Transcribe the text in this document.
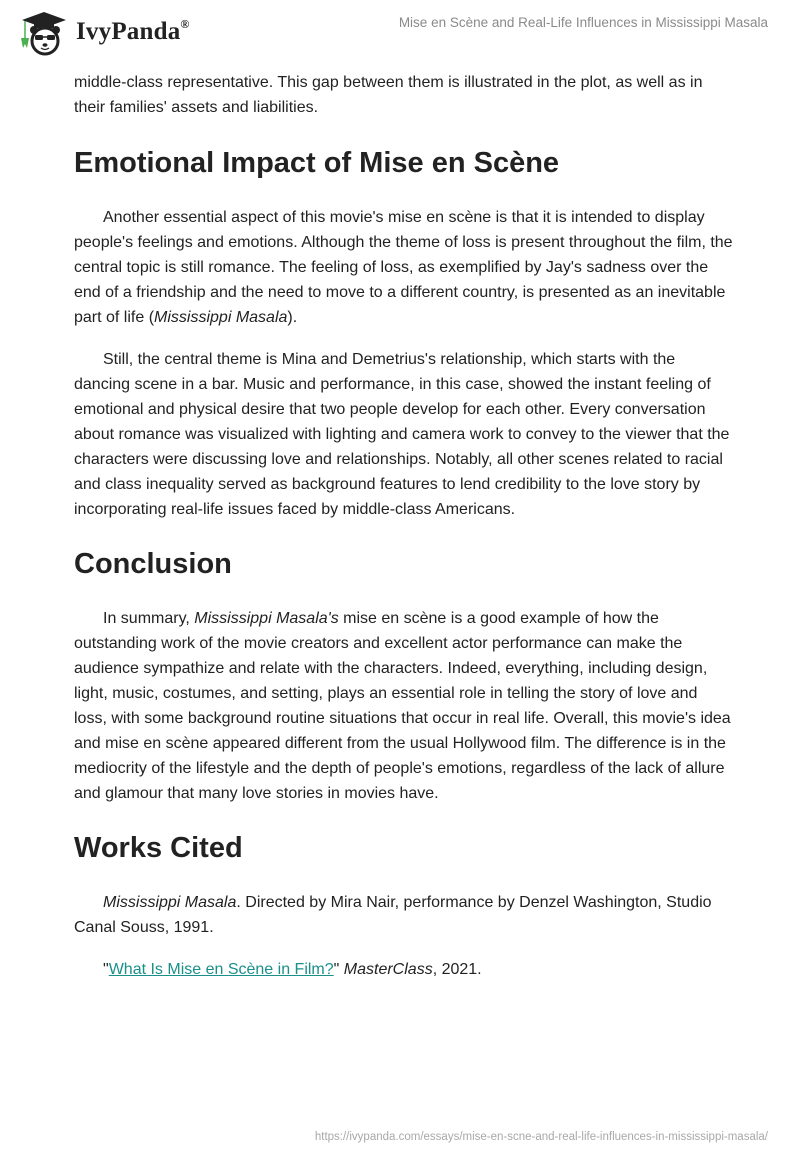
IvyPanda®	Mise en Scène and Real-Life Influences in Mississippi Masala

middle-class representative. This gap between them is illustrated in the plot, as well as in their families' assets and liabilities.

Emotional Impact of Mise en Scène

Another essential aspect of this movie's mise en scène is that it is intended to display people's feelings and emotions. Although the theme of loss is present throughout the film, the central topic is still romance. The feeling of loss, as exemplified by Jay's sadness over the end of a friendship and the need to move to a different country, is presented as an inevitable part of life (Mississippi Masala).

Still, the central theme is Mina and Demetrius's relationship, which starts with the dancing scene in a bar. Music and performance, in this case, showed the instant feeling of emotional and physical desire that two people develop for each other. Every conversation about romance was visualized with lighting and camera work to convey to the viewer that the characters were discussing love and relationships. Notably, all other scenes related to racial and class inequality served as background features to lend credibility to the love story by incorporating real-life issues faced by middle-class Americans.

Conclusion

In summary, Mississippi Masala's mise en scène is a good example of how the outstanding work of the movie creators and excellent actor performance can make the audience sympathize and relate with the characters. Indeed, everything, including design, light, music, costumes, and setting, plays an essential role in telling the story of love and loss, with some background routine situations that occur in real life. Overall, this movie's idea and mise en scène appeared different from the usual Hollywood film. The difference is in the mediocrity of the lifestyle and the depth of people's emotions, regardless of the lack of allure and glamour that many love stories in movies have.

Works Cited

Mississippi Masala. Directed by Mira Nair, performance by Denzel Washington, Studio Canal Souss, 1991.

"What Is Mise en Scène in Film?" MasterClass, 2021.

https://ivypanda.com/essays/mise-en-scne-and-real-life-influences-in-mississippi-masala/
